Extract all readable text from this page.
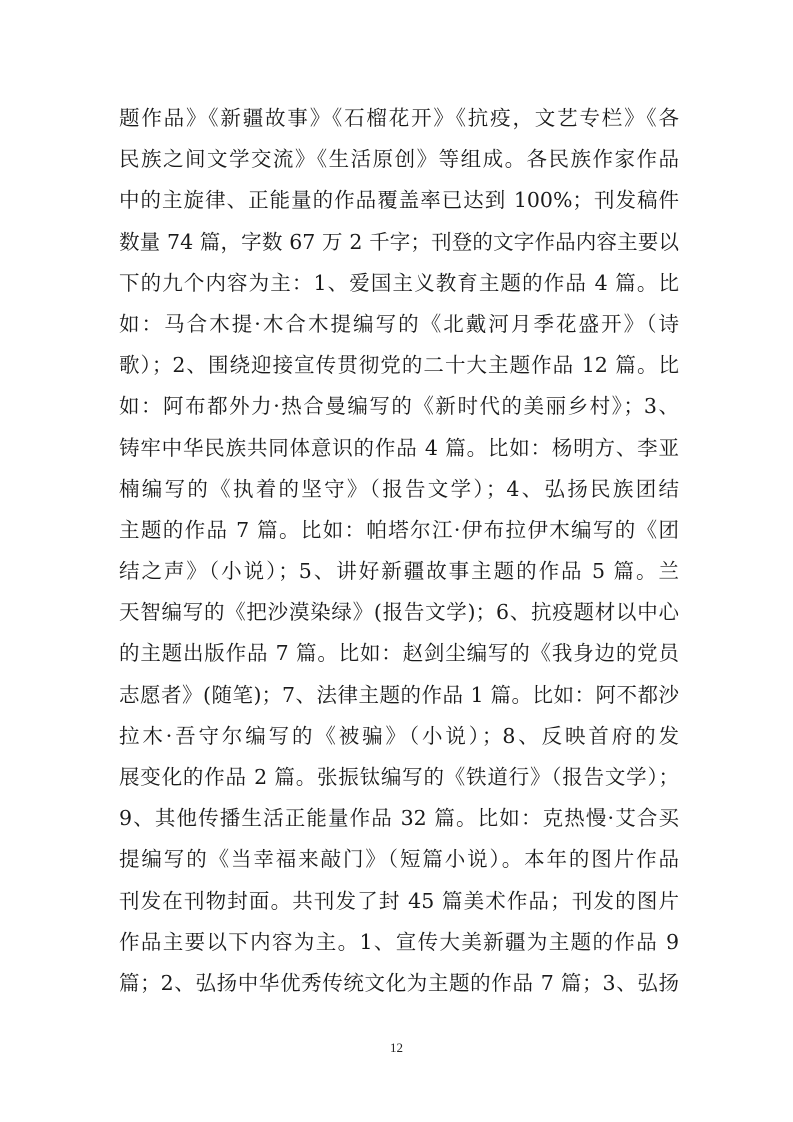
题作品》《新疆故事》《石榴花开》《抗疫，文艺专栏》《各
民族之间文学交流》《生活原创》等组成。各民族作家作品
中的主旋律、正能量的作品覆盖率已达到 100%；刊发稿件
数量 74 篇，字数 67 万 2 千字；刊登的文字作品内容主要以
下的九个内容为主：1、爱国主义教育主题的作品 4 篇。比
如：马合木提·木合木提编写的《北戴河月季花盛开》（诗
歌）；2、围绕迎接宣传贯彻党的二十大主题作品 12 篇。比
如：阿布都外力·热合曼编写的《新时代的美丽乡村》；3、
铸牢中华民族共同体意识的作品 4 篇。比如：杨明方、李亚
楠编写的《执着的坚守》（报告文学）；4、弘扬民族团结
主题的作品 7 篇。比如：帕塔尔江·伊布拉伊木编写的《团
结之声》（小说）；5、讲好新疆故事主题的作品 5 篇。兰
天智编写的《把沙漠染绿》(报告文学)；6、抗疫题材以中心
的主题出版作品 7 篇。比如：赵剑尘编写的《我身边的党员
志愿者》(随笔)；7、法律主题的作品 1 篇。比如：阿不都沙
拉木·吾守尔编写的《被骗》（小说）；8、反映首府的发
展变化的作品 2 篇。张振钛编写的《铁道行》（报告文学）；
9、其他传播生活正能量作品 32 篇。比如：克热慢·艾合买
提编写的《当幸福来敲门》（短篇小说）。本年的图片作品
刊发在刊物封面。共刊发了封 45 篇美术作品；刊发的图片
作品主要以下内容为主。1、宣传大美新疆为主题的作品 9
篇；2、弘扬中华优秀传统文化为主题的作品 7 篇；3、弘扬
12
